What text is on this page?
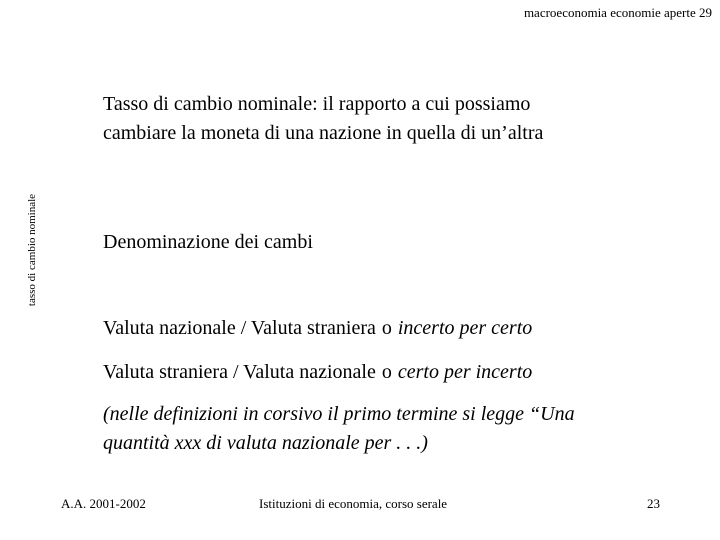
macroeconomia economie aperte 29
tasso di cambio nominale
Tasso di cambio nominale: il rapporto a cui possiamo
cambiare la moneta di una nazione in quella di un’altra
Denominazione dei cambi
Valuta nazionale / Valuta straniera o incerto per certo
Valuta straniera / Valuta nazionale o certo per incerto
(nelle definizioni in corsivo il primo termine si legge “Una
quantità xxx di valuta nazionale per . . .)
A.A. 2001-2002	Istituzioni di economia, corso serale	23
